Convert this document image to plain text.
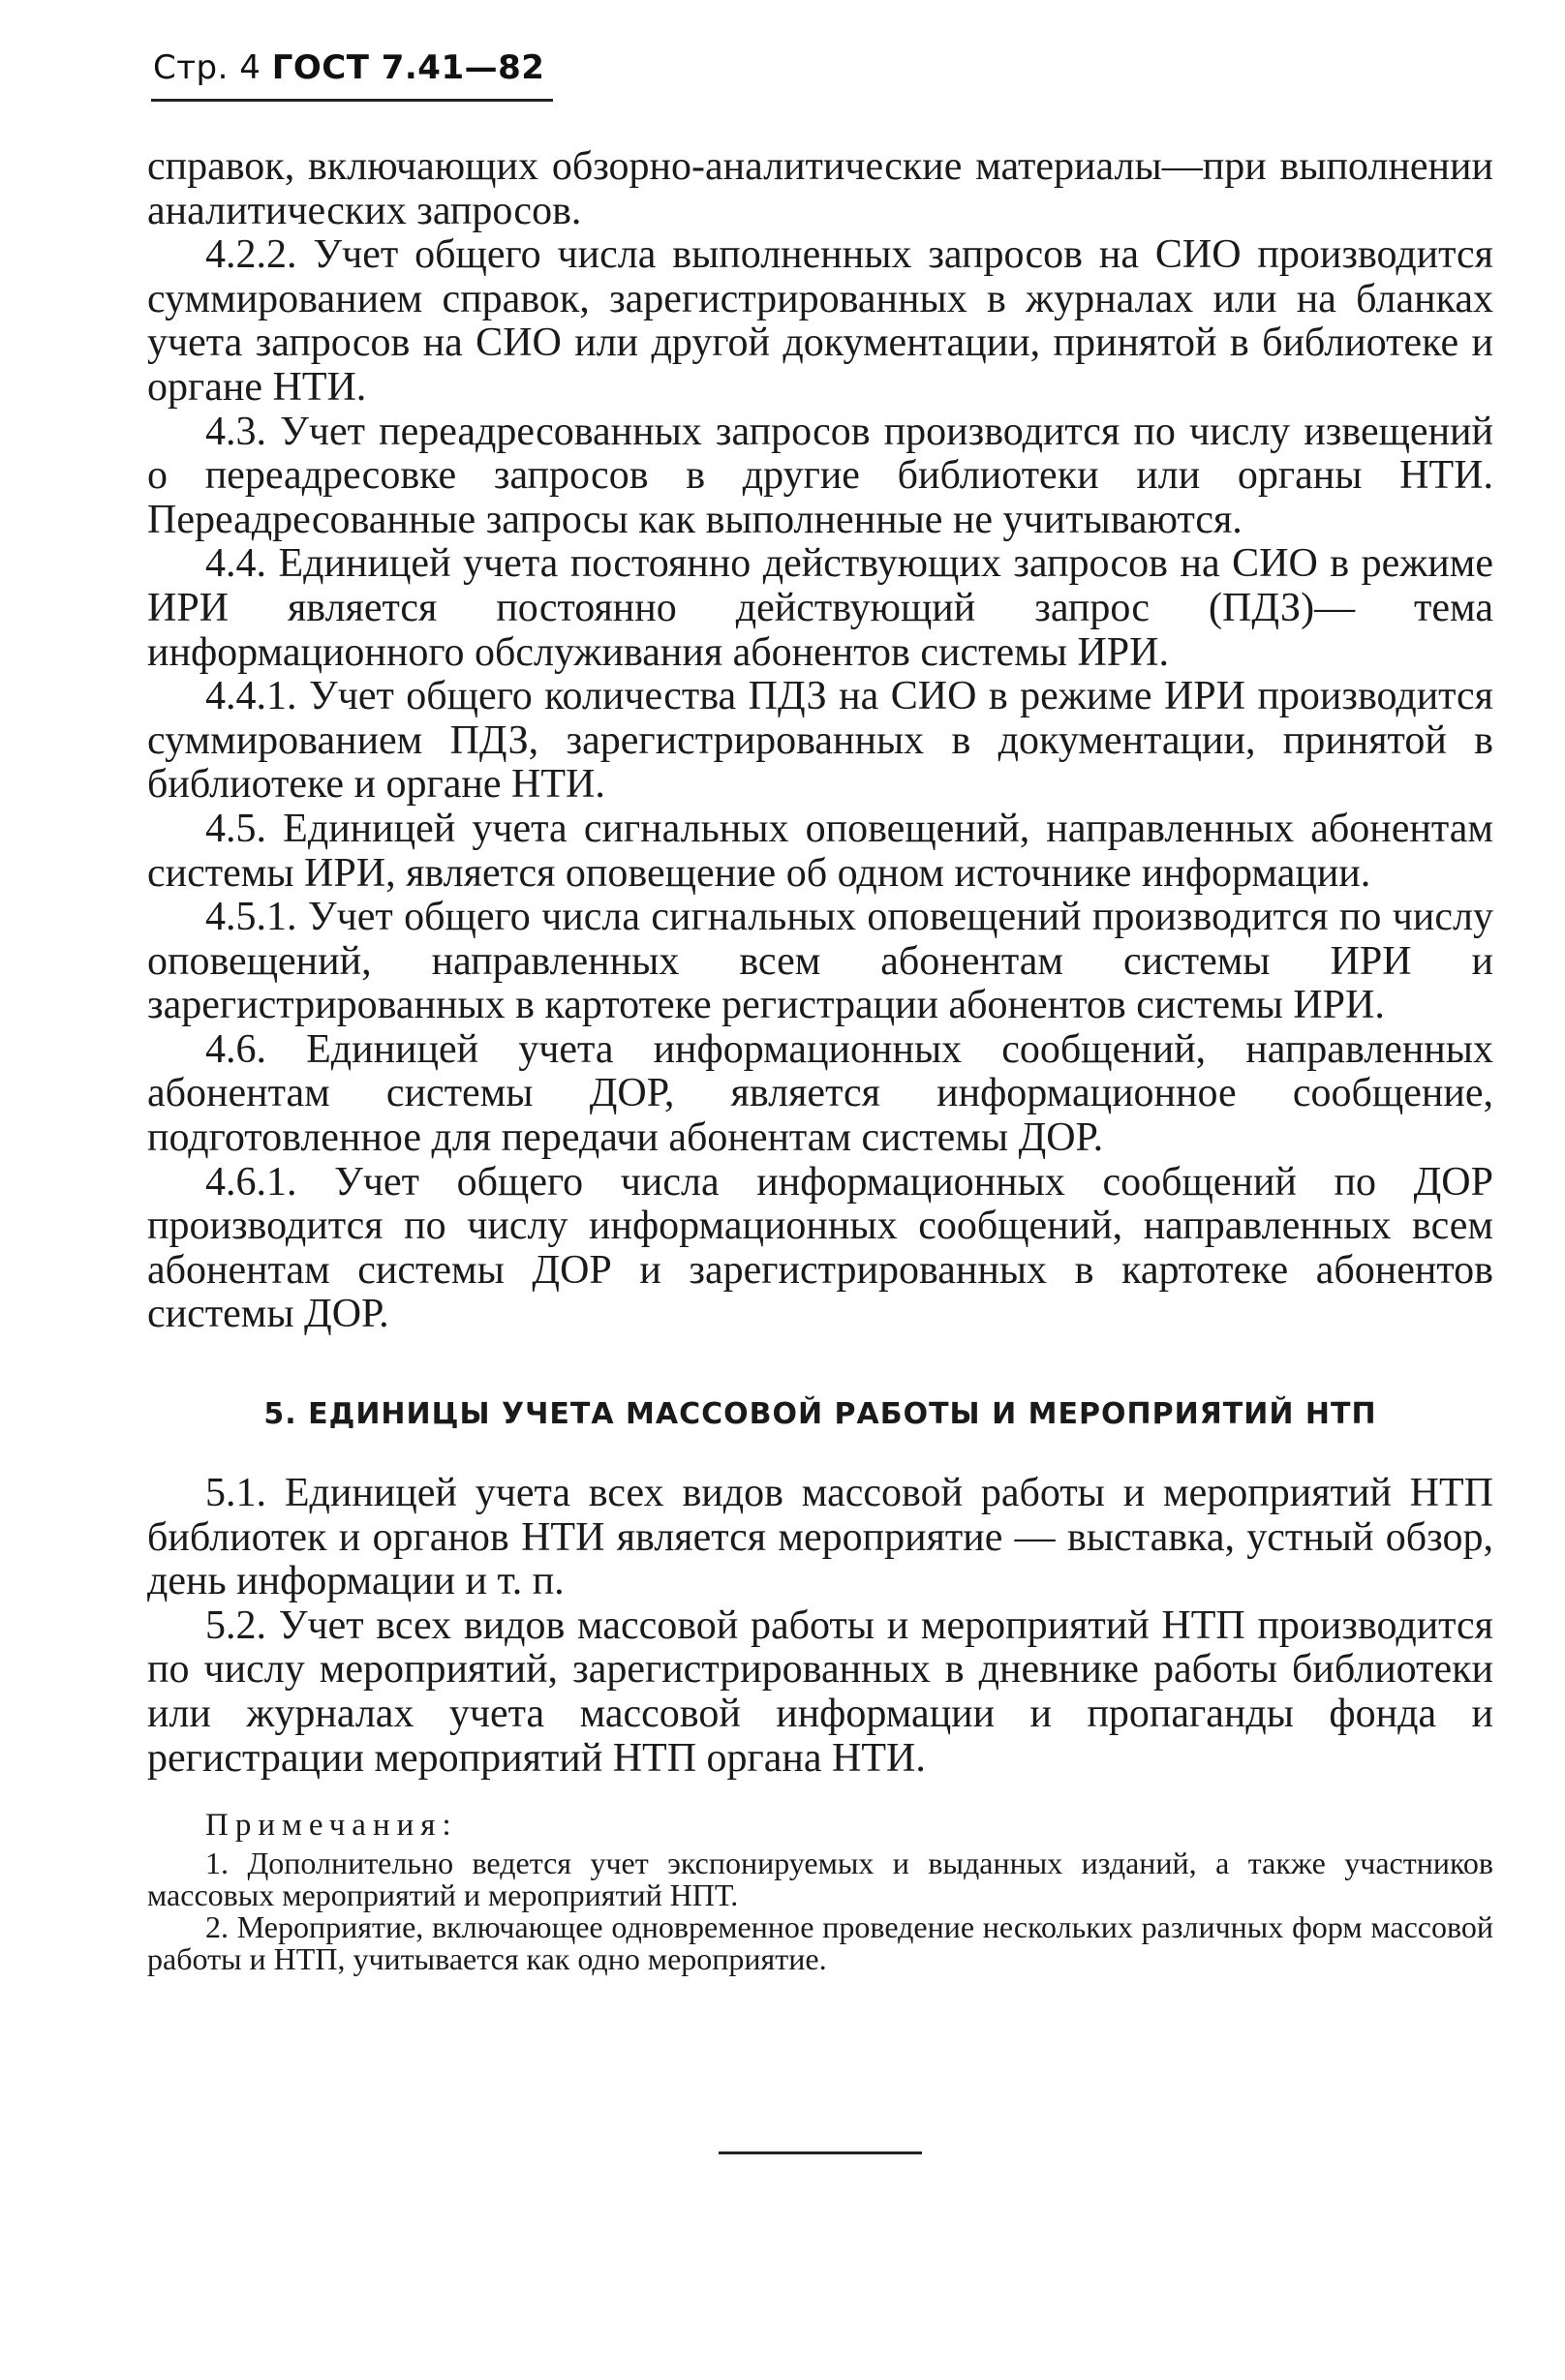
Стр. 4 ГОСТ 7.41—82

справок, включающих обзорно-аналитические материалы—при выполнении аналитических запросов.

4.2.2. Учет общего числа выполненных запросов на СИО производится суммированием справок, зарегистрированных в журналах или на бланках учета запросов на СИО или другой документации, принятой в библиотеке и органе НТИ.

4.3. Учет переадресованных запросов производится по числу извещений о переадресовке запросов в другие библиотеки или органы НТИ. Переадресованные запросы как выполненные не учитываются.

4.4. Единицей учета постоянно действующих запросов на СИО в режиме ИРИ является постоянно действующий запрос (ПДЗ)— тема информационного обслуживания абонентов системы ИРИ.

4.4.1. Учет общего количества ПДЗ на СИО в режиме ИРИ производится суммированием ПДЗ, зарегистрированных в документации, принятой в библиотеке и органе НТИ.

4.5. Единицей учета сигнальных оповещений, направленных абонентам системы ИРИ, является оповещение об одном источнике информации.

4.5.1. Учет общего числа сигнальных оповещений производится по числу оповещений, направленных всем абонентам системы ИРИ и зарегистрированных в картотеке регистрации абонентов системы ИРИ.

4.6. Единицей учета информационных сообщений, направленных абонентам системы ДОР, является информационное сообщение, подготовленное для передачи абонентам системы ДОР.

4.6.1. Учет общего числа информационных сообщений по ДОР производится по числу информационных сообщений, направленных всем абонентам системы ДОР и зарегистрированных в картотеке абонентов системы ДОР.

5. ЕДИНИЦЫ УЧЕТА МАССОВОЙ РАБОТЫ И МЕРОПРИЯТИЙ НТП

5.1. Единицей учета всех видов массовой работы и мероприятий НТП библиотек и органов НТИ является мероприятие — выставка, устный обзор, день информации и т. п.

5.2. Учет всех видов массовой работы и мероприятий НТП производится по числу мероприятий, зарегистрированных в дневнике работы библиотеки или журналах учета массовой информации и пропаганды фонда и регистрации мероприятий НТП органа НТИ.

Примечания:

1. Дополнительно ведется учет экспонируемых и выданных изданий, а также участников массовых мероприятий и мероприятий НПТ.

2. Мероприятие, включающее одновременное проведение нескольких различных форм массовой работы и НТП, учитывается как одно мероприятие.
